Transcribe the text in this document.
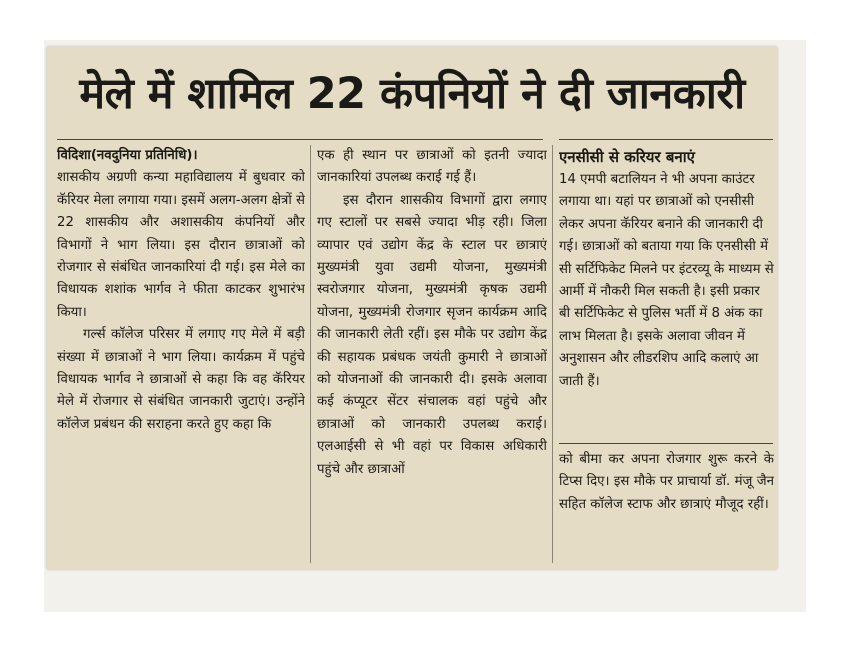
मेले में शामिल 22 कंपनियों ने दी जानकारी

विदिशा(नवदुनिया प्रतिनिधि)।

शासकीय अग्रणी कन्या महाविद्यालय में बुधवार को कॅरियर मेला लगाया गया। इसमें अलग-अलग क्षेत्रों से 22 शासकीय और अशासकीय कंपनियों और विभागों ने भाग लिया। इस दौरान छात्राओं को रोजगार से संबंधित जानकारियां दी गई। इस मेले का विधायक शशांक भार्गव ने फीता काटकर शुभारंभ किया।

गर्ल्स कॉलेज परिसर में लगाए गए मेले में बड़ी संख्या में छात्राओं ने भाग लिया। कार्यक्रम में पहुंचे विधायक भार्गव ने छात्राओं से कहा कि वह कॅरियर मेले में रोजगार से संबंधित जानकारी जुटाएं। उन्होंने कॉलेज प्रबंधन की सराहना करते हुए कहा कि

एक ही स्थान पर छात्राओं को इतनी ज्यादा जानकारियां उपलब्ध कराई गई हैं।

इस दौरान शासकीय विभागों द्वारा लगाए गए स्टालों पर सबसे ज्यादा भीड़ रही। जिला व्यापार एवं उद्योग केंद्र के स्टाल पर छात्राएं मुख्यमंत्री युवा उद्यमी योजना, मुख्यमंत्री स्वरोजगार योजना, मुख्यमंत्री कृषक उद्यमी योजना, मुख्यमंत्री रोजगार सृजन कार्यक्रम आदि की जानकारी लेती रहीं। इस मौके पर उद्योग केंद्र की सहायक प्रबंधक जयंती कुमारी ने छात्राओं को योजनाओं की जानकारी दी। इसके अलावा कई कंप्यूटर सेंटर संचालक वहां पहुंचे और छात्राओं को जानकारी उपलब्ध कराई। एलआईसी से भी वहां पर विकास अधिकारी पहुंचे और छात्राओं

एनसीसी से करियर बनाएं

14 एमपी बटालियन ने भी अपना काउंटर लगाया था। यहां पर छात्राओं को एनसीसी लेकर अपना कॅरियर बनाने की जानकारी दी गई। छात्राओं को बताया गया कि एनसीसी में सी सर्टिफिकेट मिलने पर इंटरव्यू के माध्यम से आर्मी में नौकरी मिल सकती है। इसी प्रकार बी सर्टिफिकेट से पुलिस भर्ती में 8 अंक का लाभ मिलता है। इसके अलावा जीवन में अनुशासन और लीडरशिप आदि कलाएं आ जाती हैं।

को बीमा कर अपना रोजगार शुरू करने के टिप्स दिए। इस मौके पर प्राचार्या डॉ. मंजू जैन सहित कॉलेज स्टाफ और छात्राएं मौजूद रहीं।
